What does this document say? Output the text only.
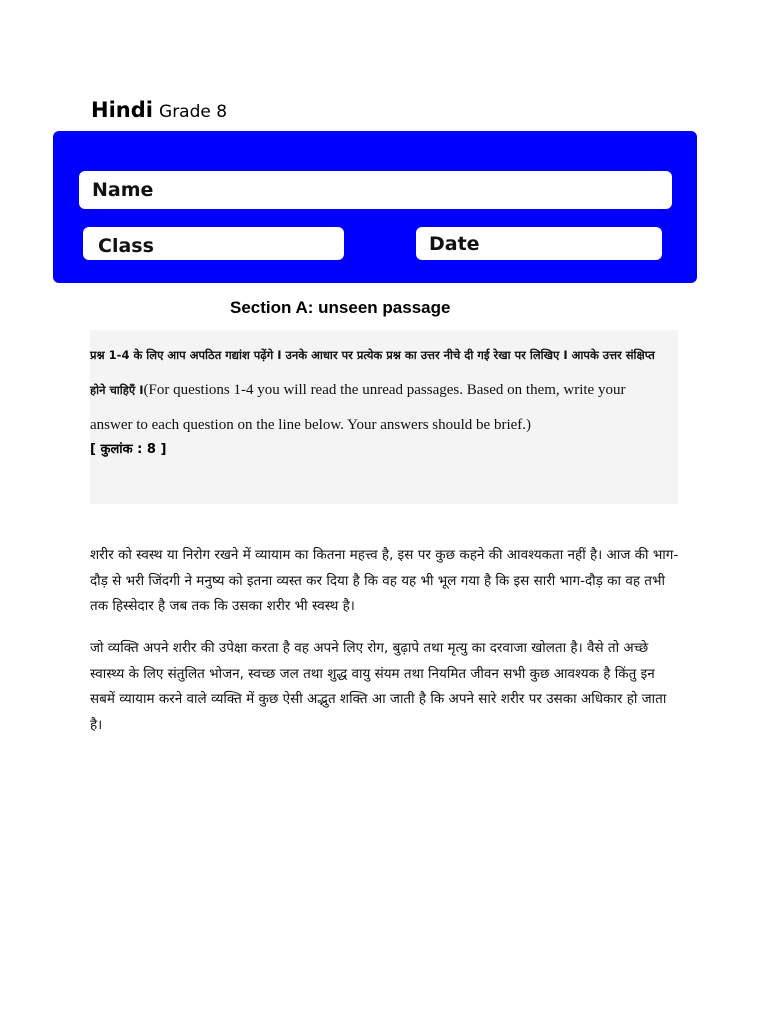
Hindi Grade 8
Name
Class	Date
Section A: unseen passage
प्रश्न 1-4 के लिए आप अपठित गद्यांश पढ़ेंगे I उनके आधार पर प्रत्येक प्रश्न का उत्तर नीचे दी गई रेखा पर लिखिए I आपके उत्तर संक्षिप्त होने चाहिएँ I(For questions 1-4 you will read the unread passages. Based on them, write your answer to each question on the line below. Your answers should be brief.)
[ कुलांक : 8 ]
शरीर को स्वस्थ या निरोग रखने में व्यायाम का कितना महत्त्व है, इस पर कुछ कहने की आवश्यकता नहीं है। आज की भाग-दौड़ से भरी जिंदगी ने मनुष्य को इतना व्यस्त कर दिया है कि वह यह भी भूल गया है कि इस सारी भाग-दौड़ का वह तभी तक हिस्सेदार है जब तक कि उसका शरीर भी स्वस्थ है।
जो व्यक्ति अपने शरीर की उपेक्षा करता है वह अपने लिए रोग, बुढ़ापे तथा मृत्यु का दरवाजा खोलता है। वैसे तो अच्छे स्वास्थ्य के लिए संतुलित भोजन, स्वच्छ जल तथा शुद्ध वायु संयम तथा नियमित जीवन सभी कुछ आवश्यक है किंतु इन सबमें व्यायाम करने वाले व्यक्ति में कुछ ऐसी अद्भुत शक्ति आ जाती है कि अपने सारे शरीर पर उसका अधिकार हो जाता है।
